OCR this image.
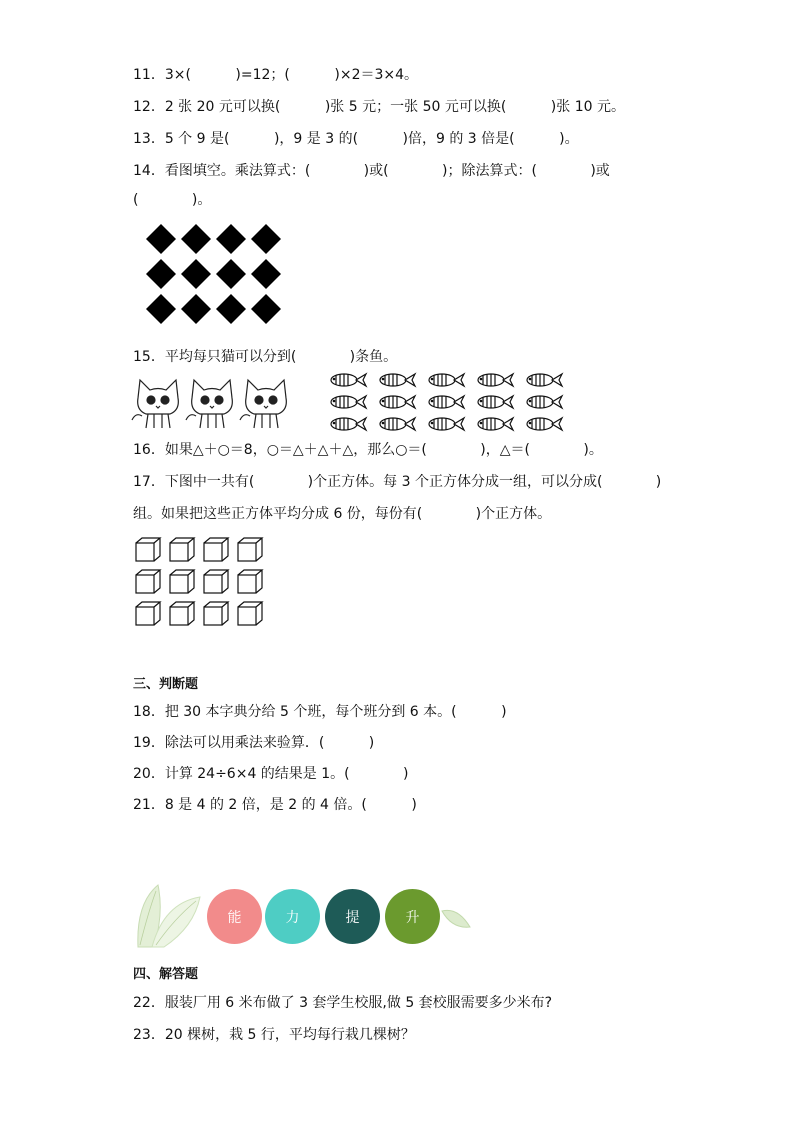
11．3×(          )=12；(          )×2＝3×4。
12．2 张 20 元可以换(          )张 5 元；一张 50 元可以换(          )张 10 元。
13．5 个 9 是(          )，9 是 3 的(          )倍，9 的 3 倍是(          )。
14．看图填空。乘法算式：(            )或(            )；除法算式：(            )或
(            )。
15．平均每只猫可以分到(            )条鱼。
16．如果△＋○＝8，○＝△＋△＋△，那么○＝(            )，△＝(            )。
17．下图中一共有(            )个正方体。每 3 个正方体分成一组，可以分成(            )
组。如果把这些正方体平均分成 6 份，每份有(            )个正方体。
三、判断题
18．把 30 本字典分给 5 个班，每个班分到 6 本。(          )
19．除法可以用乘法来验算．(          )
20．计算 24÷6×4 的结果是 1。(            )
21．8 是 4 的 2 倍，是 2 的 4 倍。(          )
能	力	提	升
四、解答题
22．服装厂用 6 米布做了 3 套学生校服,做 5 套校服需要多少米布?
23．20 棵树，栽 5 行，平均每行栽几棵树？
